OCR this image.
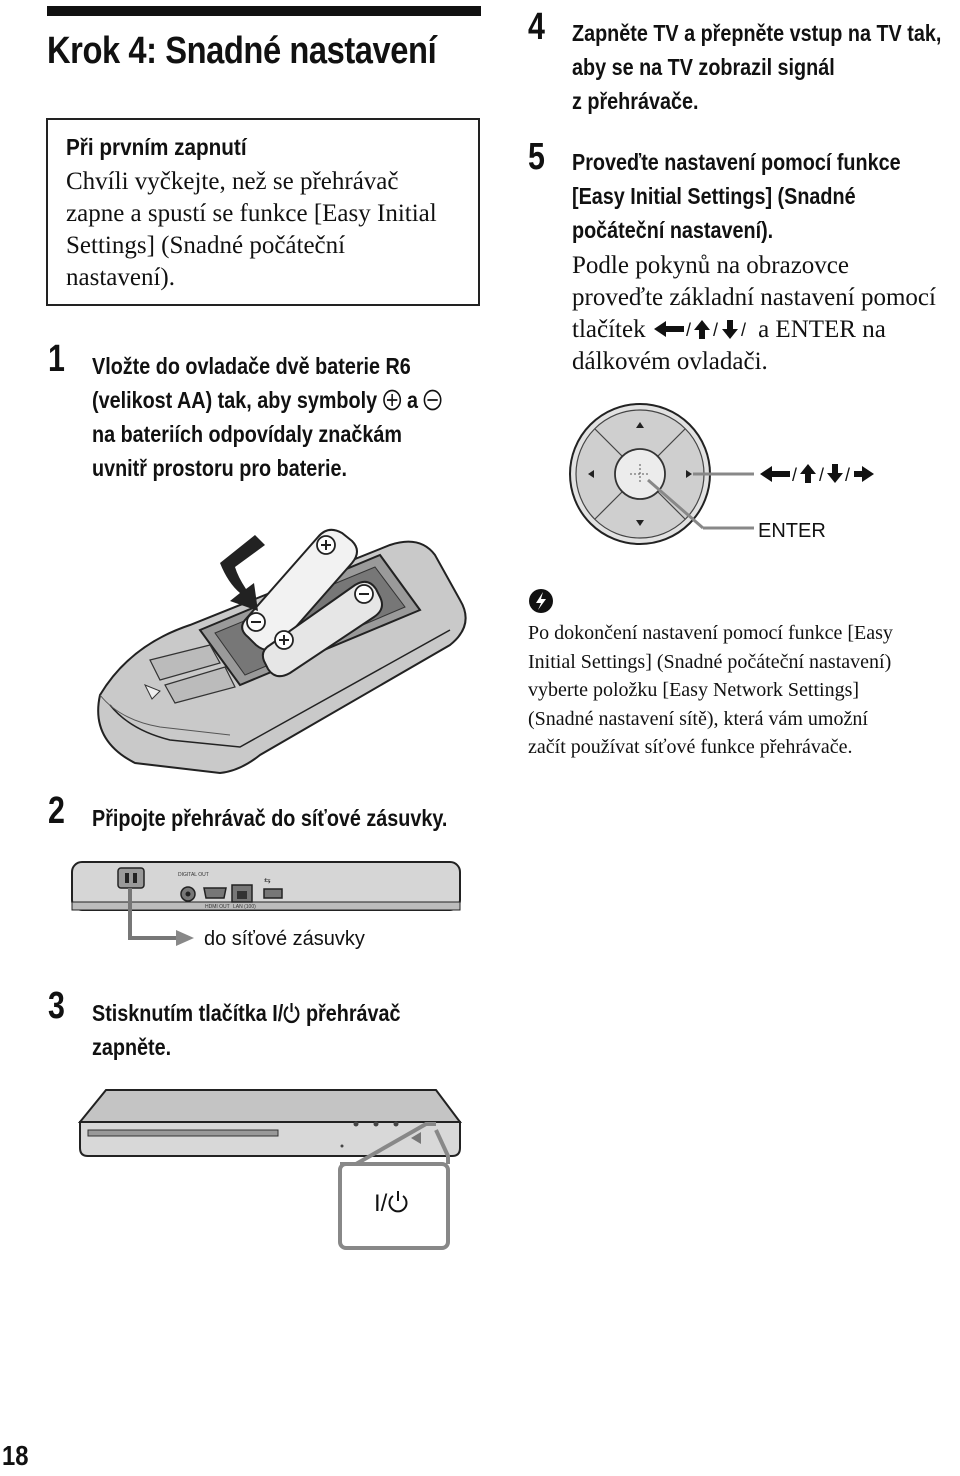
Krok 4: Snadné nastavení
Při prvním zapnutí
Chvíli vyčkejte, než se přehrávač
zapne a spustí se funkce [Easy Initial
Settings] (Snadné počáteční
nastavení).
1 Vložte do ovladače dvě baterie R6
(velikost AA) tak, aby symboly a
na bateriích odpovídaly značkám
uvnitř prostoru pro baterie.
2 Připojte přehrávač do síťové zásuvky.
⇆
DIGITAL OUT
HDMI OUT LAN (100)
do síťové zásuvky
3 Stisknutím tlačítka I/ přehrávač
zapněte.
I/
4 Zapněte TV a přepněte vstup na TV tak,
aby se na TV zobrazil signál
z přehrávače.
5 Proveďte nastavení pomocí funkce
[Easy Initial Settings] (Snadné
počáteční nastavení).
Podle pokynů na obrazovce
proveďte základní nastavení pomocí
tlačítek / / / a ENTER na
dálkovém ovladači.
/ / /
ENTER
Po dokončení nastavení pomocí funkce [Easy
Initial Settings] (Snadné počáteční nastavení)
vyberte položku [Easy Network Settings]
(Snadné nastavení sítě), která vám umožní
začít používat síťové funkce přehrávače.
18
